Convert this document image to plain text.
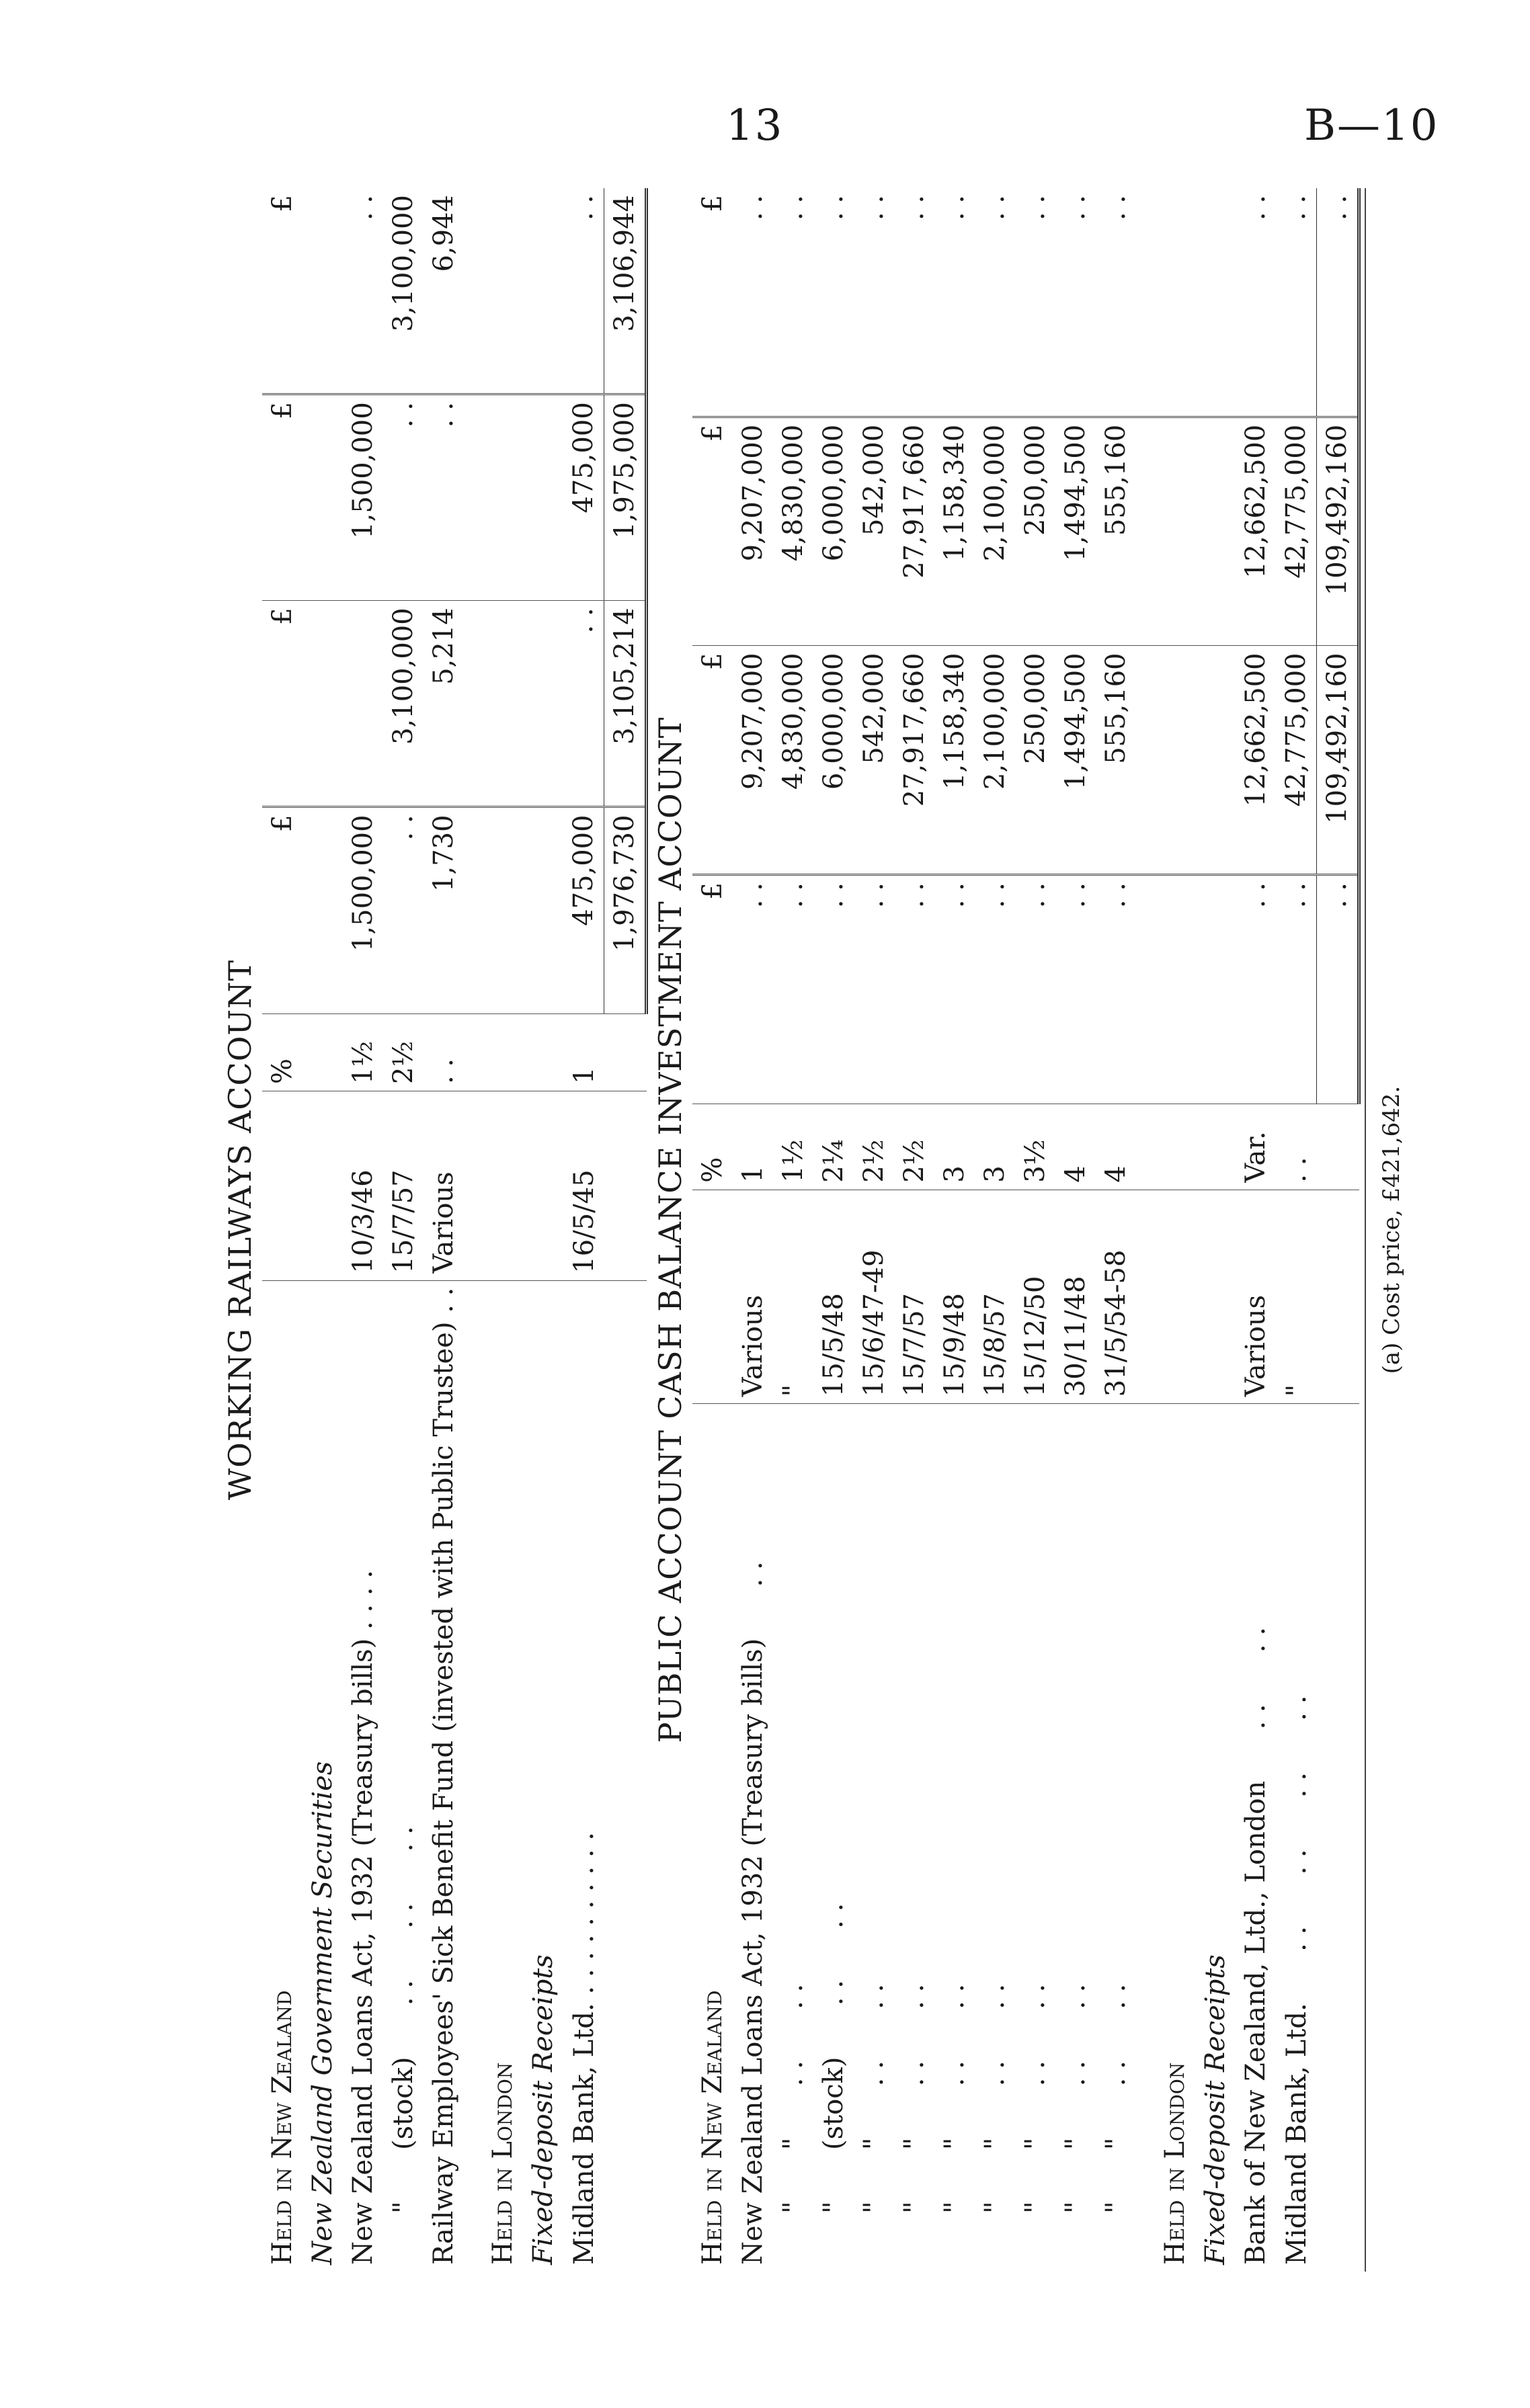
13	B—10
WORKING RAILWAYS ACCOUNT
Held in New Zealand		%	£	£	£	£
New Zealand Government Securities						
New Zealand Loans Act, 1932 (Treasury bills) . . . .	10/3/46	1½	1,500,000		1,500,000	. .
"      (stock)      . .      . .      . .	15/7/57	2½	. .	3,100,000	. .	3,100,000
Railway Employees' Sick Benefit Fund (invested with Public Trustee) . .	Various	. .	1,730	5,214	. .	6,944
Held in London						
Fixed-deposit Receipts						
Midland Bank, Ltd. . . . . . . . . . .	16/5/45	1	475,000	. .	475,000	. .
			1,976,730	3,105,214	1,975,000	3,106,944
PUBLIC ACCOUNT CASH BALANCE INVESTMENT ACCOUNT
Held in New Zealand		%	£	£	£	£
New Zealand Loans Act, 1932 (Treasury bills)      . .	Various	1	. .	9,207,000	9,207,000	. .
"      "      . .      . .	"	1½	. .	4,830,000	4,830,000	. .
"      (stock)      . .      . .	15/5/48	2¼	. .	6,000,000	6,000,000	. .
"      "      . .      . .	15/6/47-49	2½	. .	542,000	542,000	. .
"      "      . .      . .	15/7/57	2½	. .	27,917,660	27,917,660	. .
"      "      . .      . .	15/9/48	3	. .	1,158,340	1,158,340	. .
"      "      . .      . .	15/8/57	3	. .	2,100,000	2,100,000	. .
"      "      . .      . .	15/12/50	3½	. .	250,000	250,000	. .
"      "      . .      . .	30/11/48	4	. .	1,494,500	1,494,500	. .
"      "      . .      . .	31/5/54-58	4	. .	555,160	555,160	. .
Held in London						
Fixed-deposit Receipts						
Bank of New Zealand, Ltd., London      . .      . .	Various	Var.	. .	12,662,500	12,662,500	. .
Midland Bank, Ltd.      . .      . .      . .      . .	"	. .	. .	42,775,000	42,775,000	. .
			. .	109,492,160	109,492,160	. .
(a) Cost price, £421,642.
